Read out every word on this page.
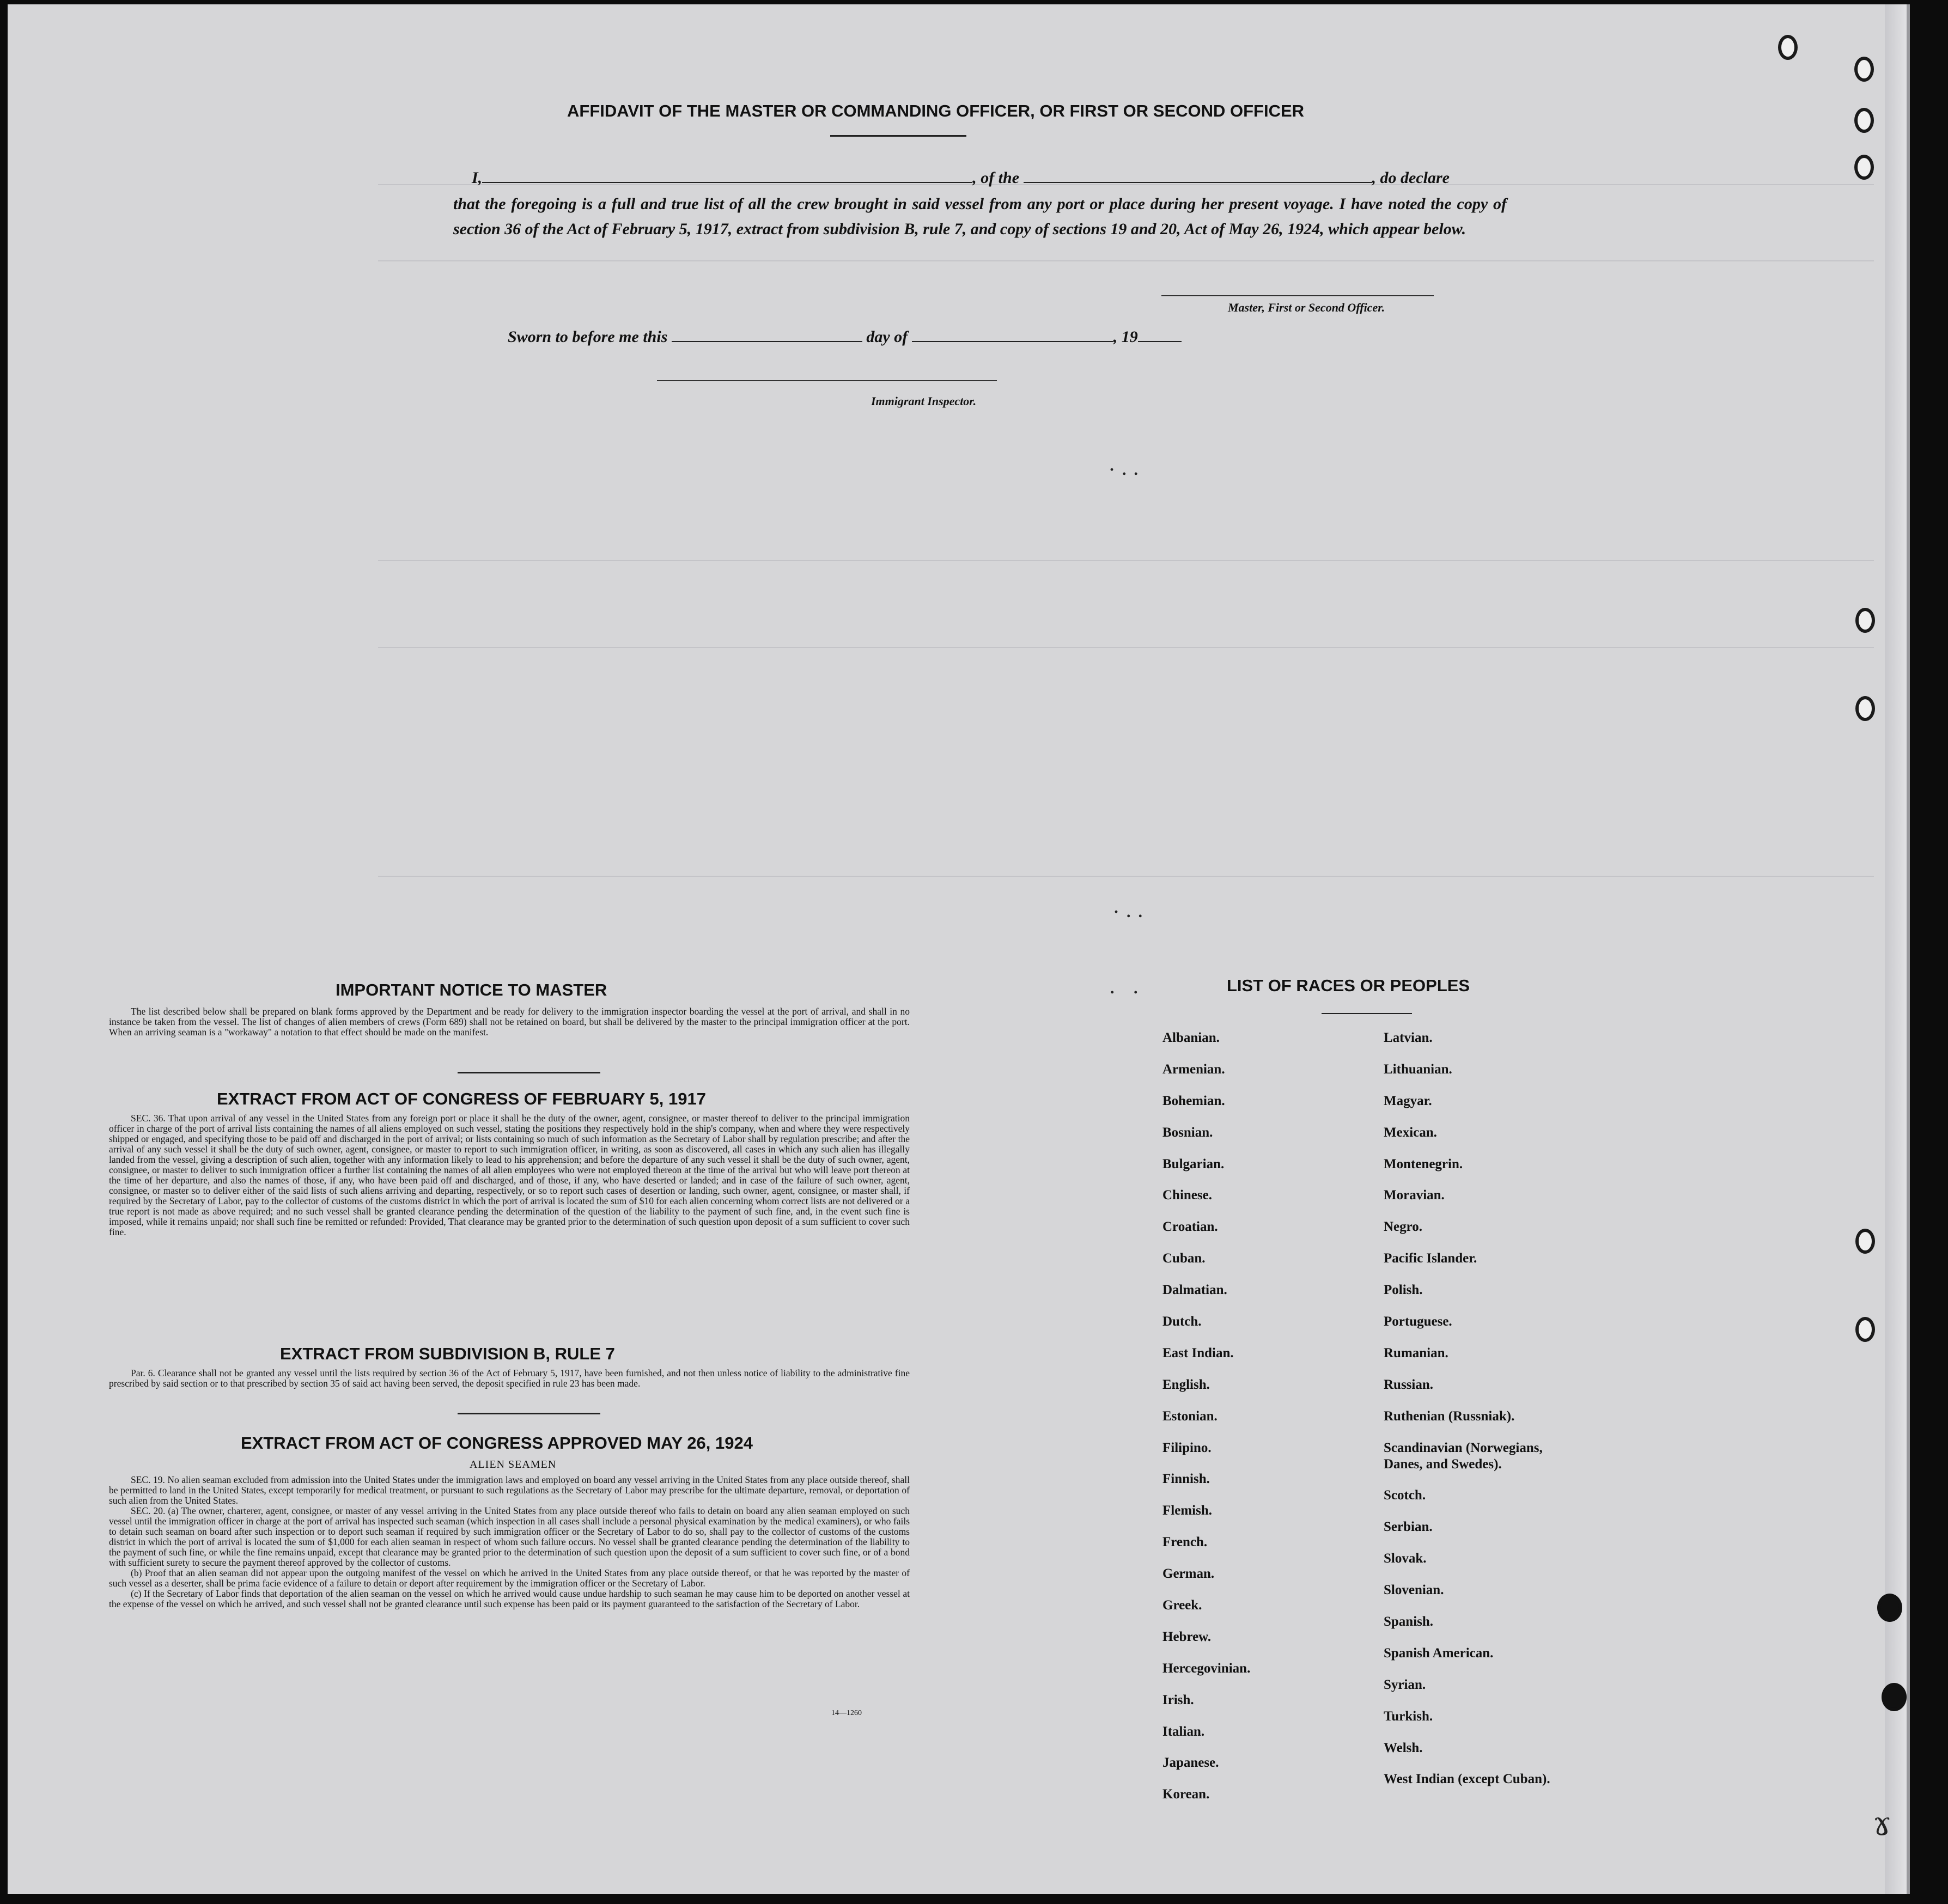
AFFIDAVIT OF THE MASTER OR COMMANDING OFFICER, OR FIRST OR SECOND OFFICER
I,	, of the	, do declare
that the foregoing is a full and true list of all the crew brought in said vessel from any port or place during her present voyage. I have noted the copy of section 36 of the Act of February 5, 1917, extract from subdivision B, rule 7, and copy of sections 19 and 20, Act of May 26, 1924, which appear below.
Master, First or Second Officer.
Sworn to before me this	day of	, 19
Immigrant Inspector.
IMPORTANT NOTICE TO MASTER

The list described below shall be prepared on blank forms approved by the Department and be ready for delivery to the immigration inspector boarding the vessel at the port of arrival, and shall in no instance be taken from the vessel. The list of changes of alien members of crews (Form 689) shall not be retained on board, but shall be delivered by the master to the principal immigration officer at the port. When an arriving seaman is a "workaway" a notation to that effect should be made on the manifest.

EXTRACT FROM ACT OF CONGRESS OF FEBRUARY 5, 1917

SEC. 36. That upon arrival of any vessel in the United States from any foreign port or place it shall be the duty of the owner, agent, consignee, or master thereof to deliver to the principal immigration officer in charge of the port of arrival lists containing the names of all aliens employed on such vessel, stating the positions they respectively hold in the ship's company, when and where they were respectively shipped or engaged, and specifying those to be paid off and discharged in the port of arrival; or lists containing so much of such information as the Secretary of Labor shall by regulation prescribe; and after the arrival of any such vessel it shall be the duty of such owner, agent, consignee, or master to report to such immigration officer, in writing, as soon as discovered, all cases in which any such alien has illegally landed from the vessel, giving a description of such alien, together with any information likely to lead to his apprehension; and before the departure of any such vessel it shall be the duty of such owner, agent, consignee, or master to deliver to such immigration officer a further list containing the names of all alien employees who were not employed thereon at the time of the arrival but who will leave port thereon at the time of her departure, and also the names of those, if any, who have been paid off and discharged, and of those, if any, who have deserted or landed; and in case of the failure of such owner, agent, consignee, or master so to deliver either of the said lists of such aliens arriving and departing, respectively, or so to report such cases of desertion or landing, such owner, agent, consignee, or master shall, if required by the Secretary of Labor, pay to the collector of customs of the customs district in which the port of arrival is located the sum of $10 for each alien concerning whom correct lists are not delivered or a true report is not made as above required; and no such vessel shall be granted clearance pending the determination of the question of the liability to the payment of such fine, and, in the event such fine is imposed, while it remains unpaid; nor shall such fine be remitted or refunded: Provided, That clearance may be granted prior to the determination of such question upon deposit of a sum sufficient to cover such fine.

EXTRACT FROM SUBDIVISION B, RULE 7

Par. 6. Clearance shall not be granted any vessel until the lists required by section 36 of the Act of February 5, 1917, have been furnished, and not then unless notice of liability to the administrative fine prescribed by said section or to that prescribed by section 35 of said act having been served, the deposit specified in rule 23 has been made.

EXTRACT FROM ACT OF CONGRESS APPROVED MAY 26, 1924
ALIEN SEAMEN

SEC. 19. No alien seaman excluded from admission into the United States under the immigration laws and employed on board any vessel arriving in the United States from any place outside thereof, shall be permitted to land in the United States, except temporarily for medical treatment, or pursuant to such regulations as the Secretary of Labor may prescribe for the ultimate departure, removal, or deportation of such alien from the United States.

SEC. 20. (a) The owner, charterer, agent, consignee, or master of any vessel arriving in the United States from any place outside thereof who fails to detain on board any alien seaman employed on such vessel until the immigration officer in charge at the port of arrival has inspected such seaman (which inspection in all cases shall include a personal physical examination by the medical examiners), or who fails to detain such seaman on board after such inspection or to deport such seaman if required by such immigration officer or the Secretary of Labor to do so, shall pay to the collector of customs of the customs district in which the port of arrival is located the sum of $1,000 for each alien seaman in respect of whom such failure occurs. No vessel shall be granted clearance pending the determination of the liability to the payment of such fine, or while the fine remains unpaid, except that clearance may be granted prior to the determination of such question upon the deposit of a sum sufficient to cover such fine, or of a bond with sufficient surety to secure the payment thereof approved by the collector of customs.

(b) Proof that an alien seaman did not appear upon the outgoing manifest of the vessel on which he arrived in the United States from any place outside thereof, or that he was reported by the master of such vessel as a deserter, shall be prima facie evidence of a failure to detain or deport after requirement by the immigration officer or the Secretary of Labor.

(c) If the Secretary of Labor finds that deportation of the alien seaman on the vessel on which he arrived would cause undue hardship to such seaman he may cause him to be deported on another vessel at the expense of the vessel on which he arrived, and such vessel shall not be granted clearance until such expense has been paid or its payment guaranteed to the satisfaction of the Secretary of Labor.

14—1260
LIST OF RACES OR PEOPLES
Albanian.
Armenian.
Bohemian.
Bosnian.
Bulgarian.
Chinese.
Croatian.
Cuban.
Dalmatian.
Dutch.
East Indian.
English.
Estonian.
Filipino.
Finnish.
Flemish.
French.
German.
Greek.
Hebrew.
Hercegovinian.
Irish.
Italian.
Japanese.
Korean.
Latvian.
Lithuanian.
Magyar.
Mexican.
Montenegrin.
Moravian.
Negro.
Pacific Islander.
Polish.
Portuguese.
Rumanian.
Russian.
Ruthenian (Russniak).
Scandinavian (Norwegians,
Danes, and Swedes).
Scotch.
Serbian.
Slovak.
Slovenian.
Spanish.
Spanish American.
Syrian.
Turkish.
Welsh.
West Indian (except Cuban).
·..
·..
. .
ɤ
